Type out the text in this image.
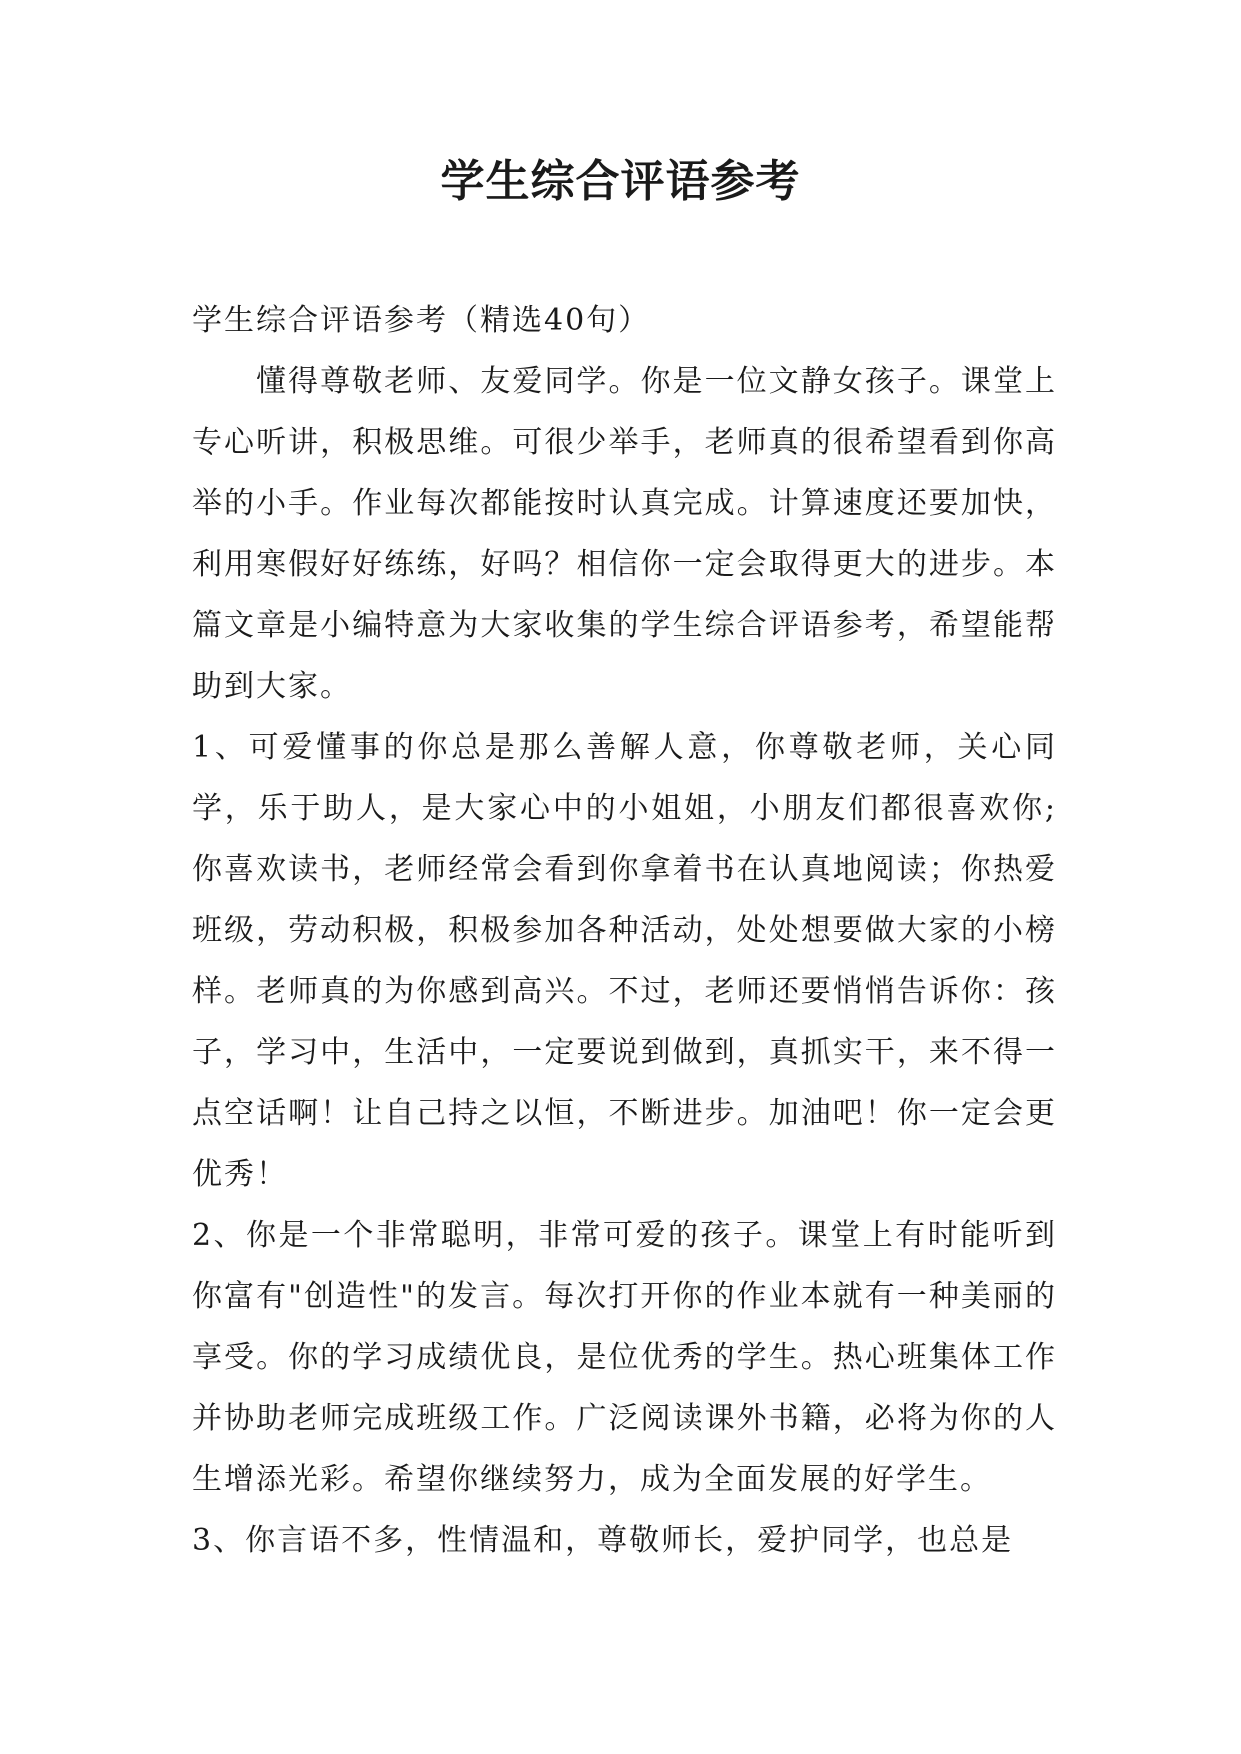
学生综合评语参考

学生综合评语参考（精选40句）

懂得尊敬老师、友爱同学。你是一位文静女孩子。课堂上专心听讲，积极思维。可很少举手，老师真的很希望看到你高举的小手。作业每次都能按时认真完成。计算速度还要加快，利用寒假好好练练，好吗？相信你一定会取得更大的进步。本篇文章是小编特意为大家收集的学生综合评语参考，希望能帮助到大家。

1、可爱懂事的你总是那么善解人意，你尊敬老师，关心同学，乐于助人，是大家心中的小姐姐，小朋友们都很喜欢你;你喜欢读书，老师经常会看到你拿着书在认真地阅读；你热爱班级，劳动积极，积极参加各种活动，处处想要做大家的小榜样。老师真的为你感到高兴。不过，老师还要悄悄告诉你：孩子，学习中，生活中，一定要说到做到，真抓实干，来不得一点空话啊！让自己持之以恒，不断进步。加油吧！你一定会更优秀！

2、你是一个非常聪明，非常可爱的孩子。课堂上有时能听到你富有"创造性"的发言。每次打开你的作业本就有一种美丽的享受。你的学习成绩优良，是位优秀的学生。热心班集体工作并协助老师完成班级工作。广泛阅读课外书籍，必将为你的人生增添光彩。希望你继续努力，成为全面发展的好学生。

3、你言语不多，性情温和，尊敬师长，爱护同学，也总是
